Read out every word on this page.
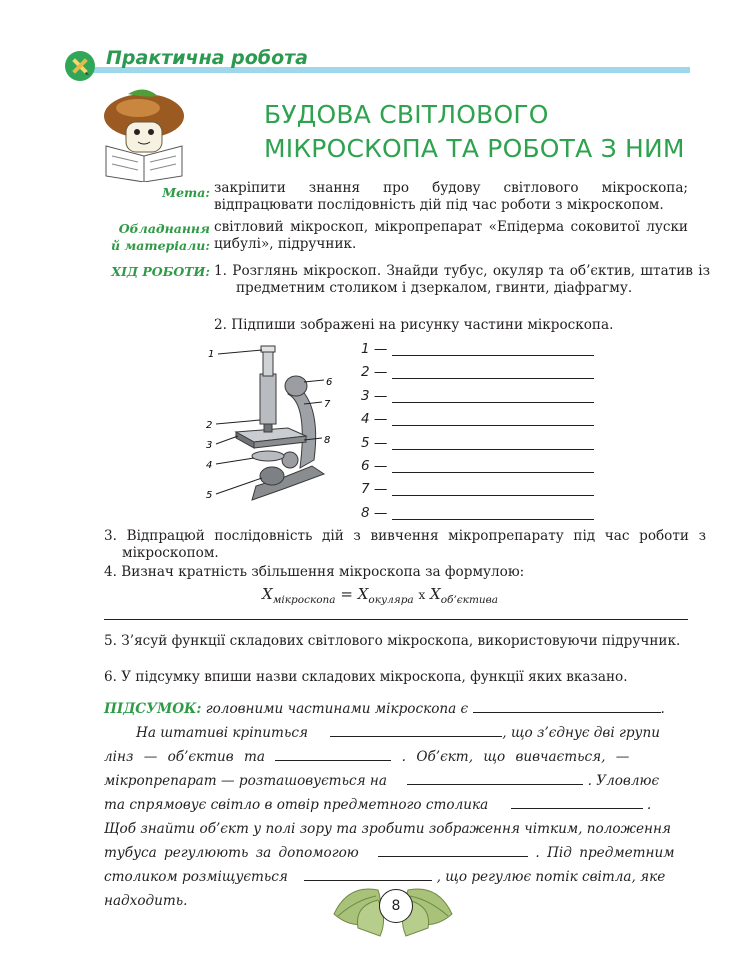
Практична робота
БУДОВА СВІТЛОВОГО
МІКРОСКОПА ТА РОБОТА З НИМ
Мета: закріпити знання про будову світлового мікроскопа; відпрацювати послідовність дій під час роботи з мікроскопом.
Обладнання
й матеріали:
світловий мікроскоп, мікропрепарат «Епідерма соковитої луски цибулі», підручник.
ХІД РОБОТИ: 1. Розглянь мікроскоп. Знайди тубус, окуляр та об’єктив, штатив із предметним столиком і дзеркалом, гвинти, діафрагму.
2. Підпиши зображені на рисунку частини мікроскопа.
1
2
3
4
5
6
7
8
1 —
2 —
3 —
4 —
5 —
6 —
7 —
8 —
3. Відпрацюй послідовність дій з вивчення мікропрепарату під час роботи з мікроскопом.
4. Визнач кратність збільшення мікроскопа за формулою:
$X_{мікроскопа} = X_{окуляра}$ x $X_{об’єктива}$
5. З’ясуй функції складових світлового мікроскопа, використовуючи підручник.
6. У підсумку впиши назви складових мікроскопа, функції яких вказано.
ПІДСУМОК: головними частинами мікроскопа є	.
На штативі кріпиться	, що з’єднує дві групи
лінз — об’єктив та	. Об’єкт, що вивчається, —
мікропрепарат — розташовується на	. Уловлює
та спрямовує світло в отвір предметного столика	.
Щоб знайти об’єкт у полі зору та зробити зображення чітким, положення
тубуса регулюють за допомогою	. Під предметним
столиком розміщується	, що регулює потік світла, яке
надходить.	8
